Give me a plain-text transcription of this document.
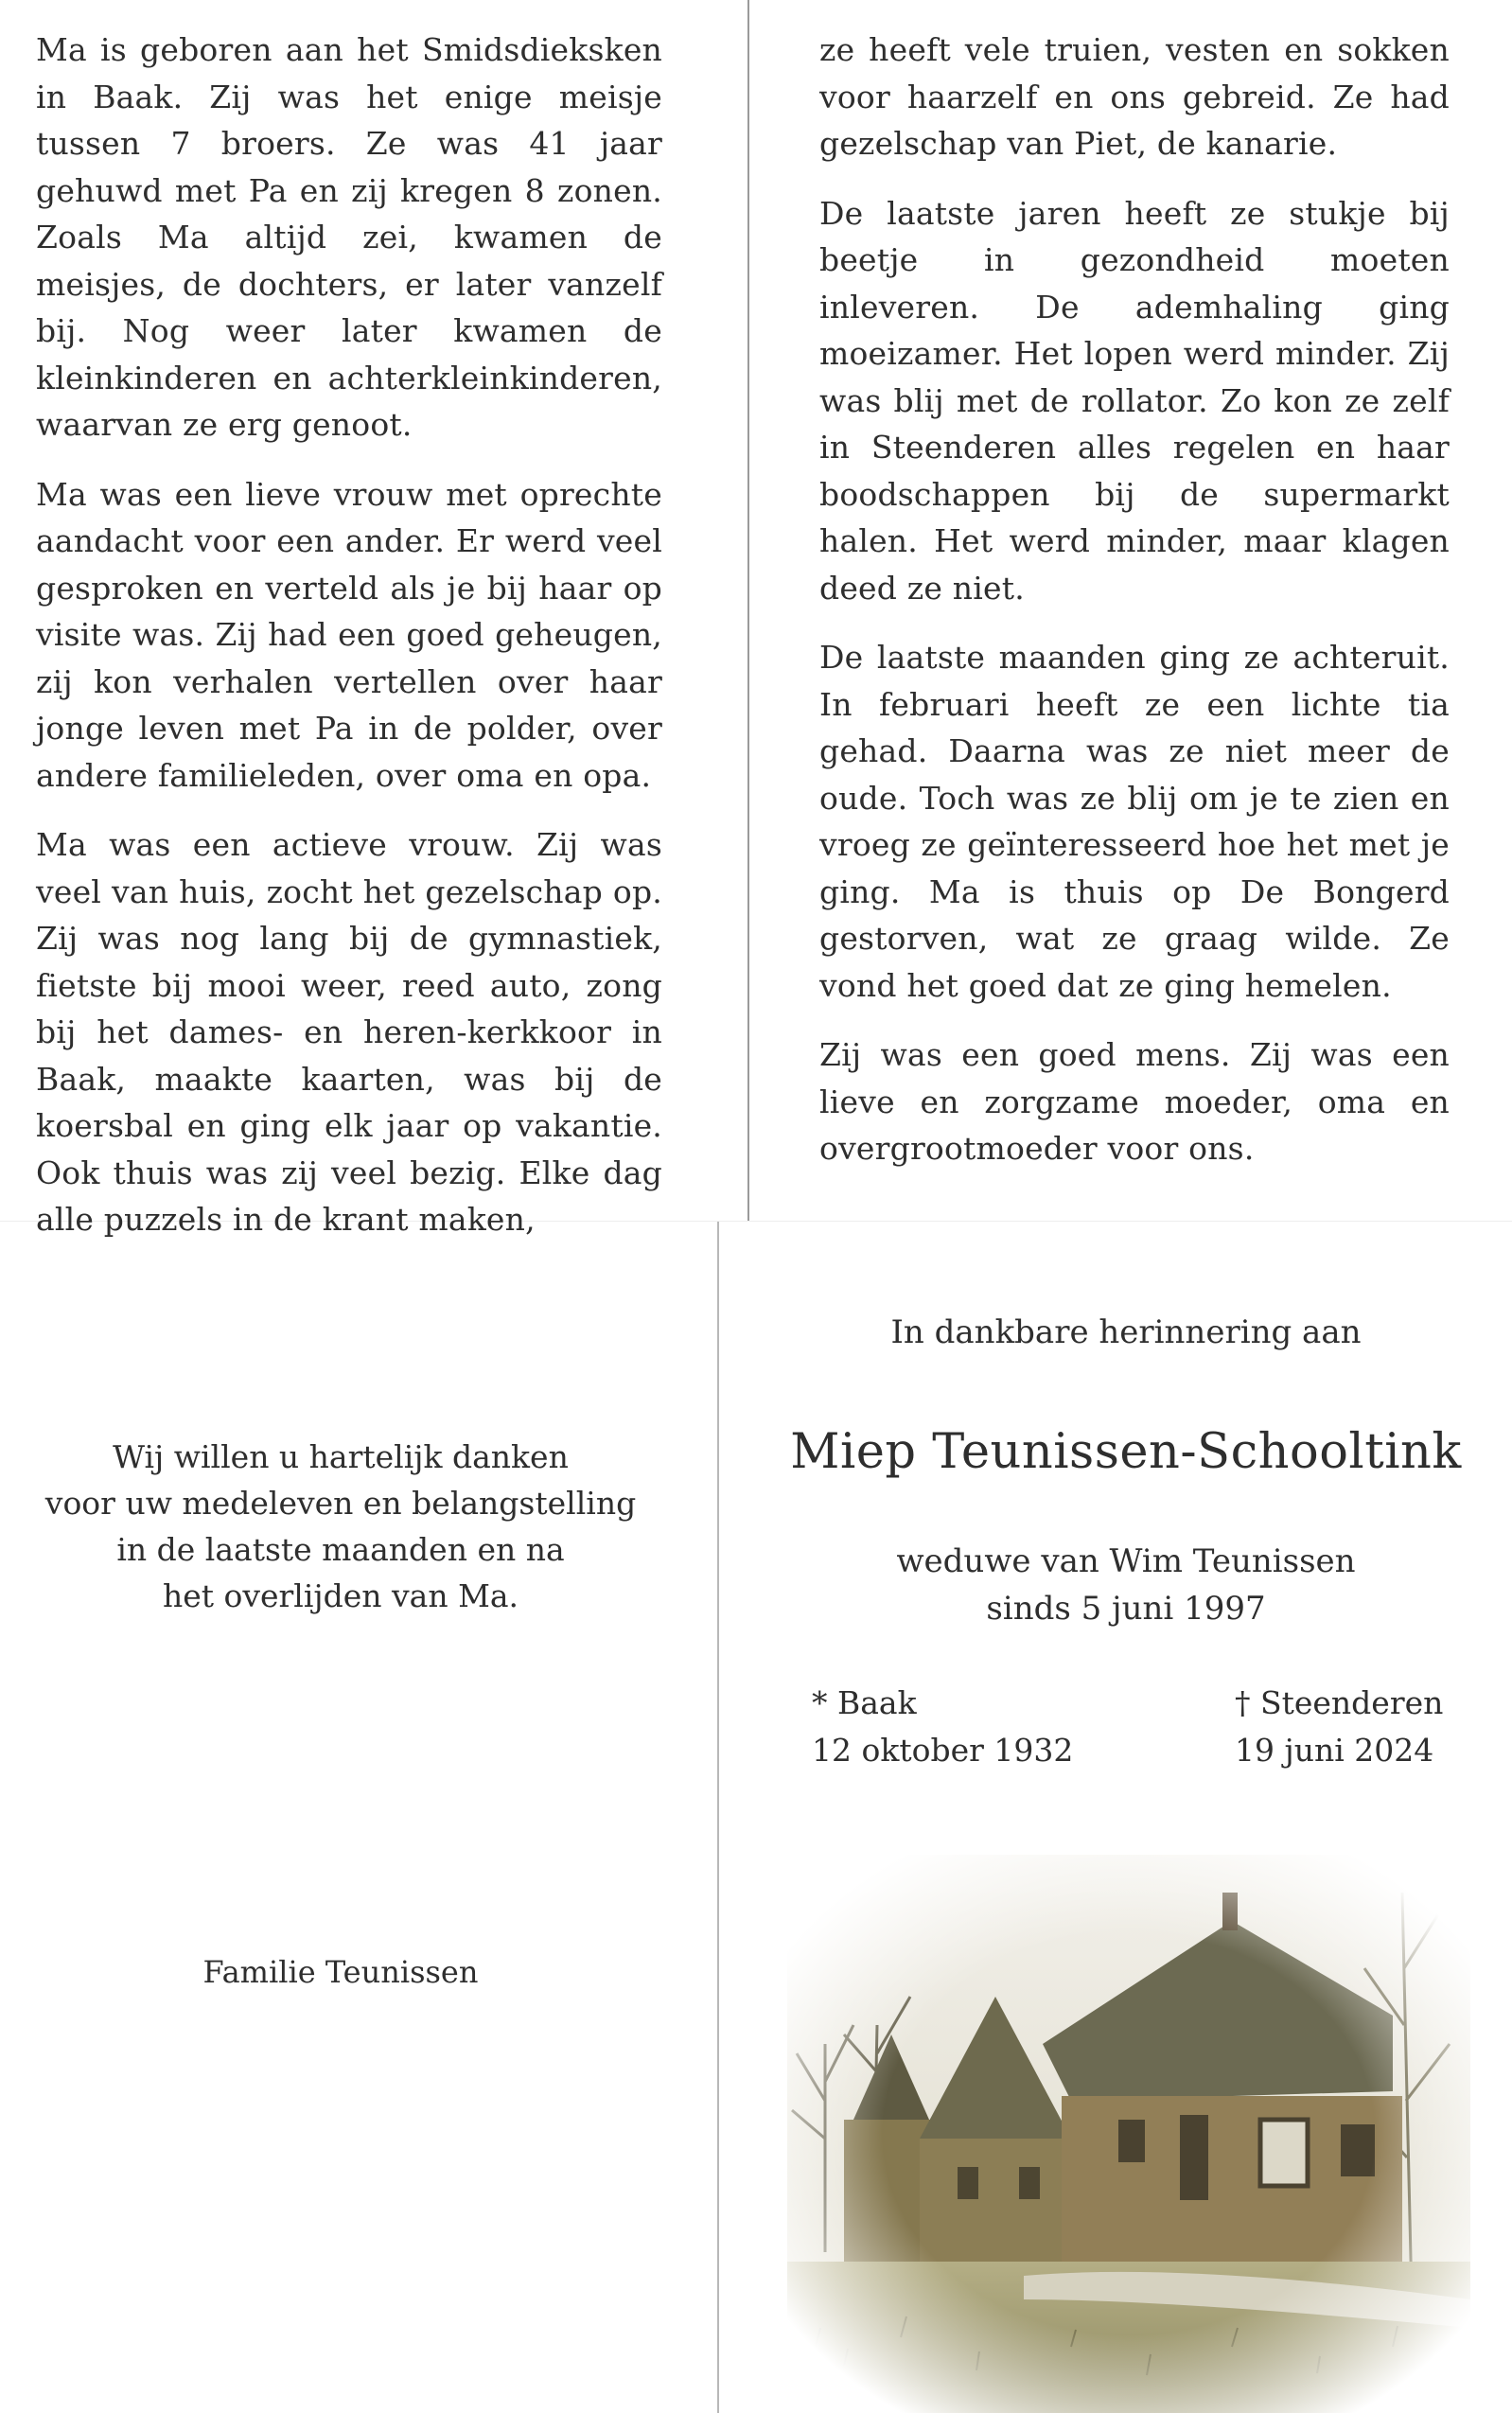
Ma is geboren aan het Smidsdieksken in Baak. Zij was het enige meisje tussen 7 broers. Ze was 41 jaar gehuwd met Pa en zij kregen 8 zonen. Zoals Ma altijd zei, kwamen de meisjes, de dochters, er later vanzelf bij. Nog weer later kwamen de kleinkinderen en achterkleinkinderen, waarvan ze erg genoot.

Ma was een lieve vrouw met oprechte aandacht voor een ander. Er werd veel gesproken en verteld als je bij haar op visite was. Zij had een goed geheugen, zij kon verhalen vertellen over haar jonge leven met Pa in de polder, over andere familieleden, over oma en opa.

Ma was een actieve vrouw. Zij was veel van huis, zocht het gezelschap op. Zij was nog lang bij de gymnastiek, fietste bij mooi weer, reed auto, zong bij het dames- en heren-kerkkoor in Baak, maakte kaarten, was bij de koersbal en ging elk jaar op vakantie. Ook thuis was zij veel bezig. Elke dag alle puzzels in de krant maken,

ze heeft vele truien, vesten en sokken voor haarzelf en ons gebreid. Ze had gezelschap van Piet, de kanarie.

De laatste jaren heeft ze stukje bij beetje in gezondheid moeten inleveren. De ademhaling ging moeizamer. Het lopen werd minder. Zij was blij met de rollator. Zo kon ze zelf in Steenderen alles regelen en haar boodschappen bij de supermarkt halen. Het werd minder, maar klagen deed ze niet.

De laatste maanden ging ze achteruit. In februari heeft ze een lichte tia gehad. Daarna was ze niet meer de oude. Toch was ze blij om je te zien en vroeg ze geïnteresseerd hoe het met je ging. Ma is thuis op De Bongerd gestorven, wat ze graag wilde. Ze vond het goed dat ze ging hemelen.

Zij was een goed mens. Zij was een lieve en zorgzame moeder, oma en overgrootmoeder voor ons.

Wij willen u hartelijk danken
voor uw medeleven en belangstelling
in de laatste maanden en na
het overlijden van Ma.
Familie Teunissen
In dankbare herinnering aan
Miep Teunissen-Schooltink
weduwe van Wim Teunissen
sinds 5 juni 1997
* Baak
12 oktober 1932
† Steenderen
19 juni 2024
